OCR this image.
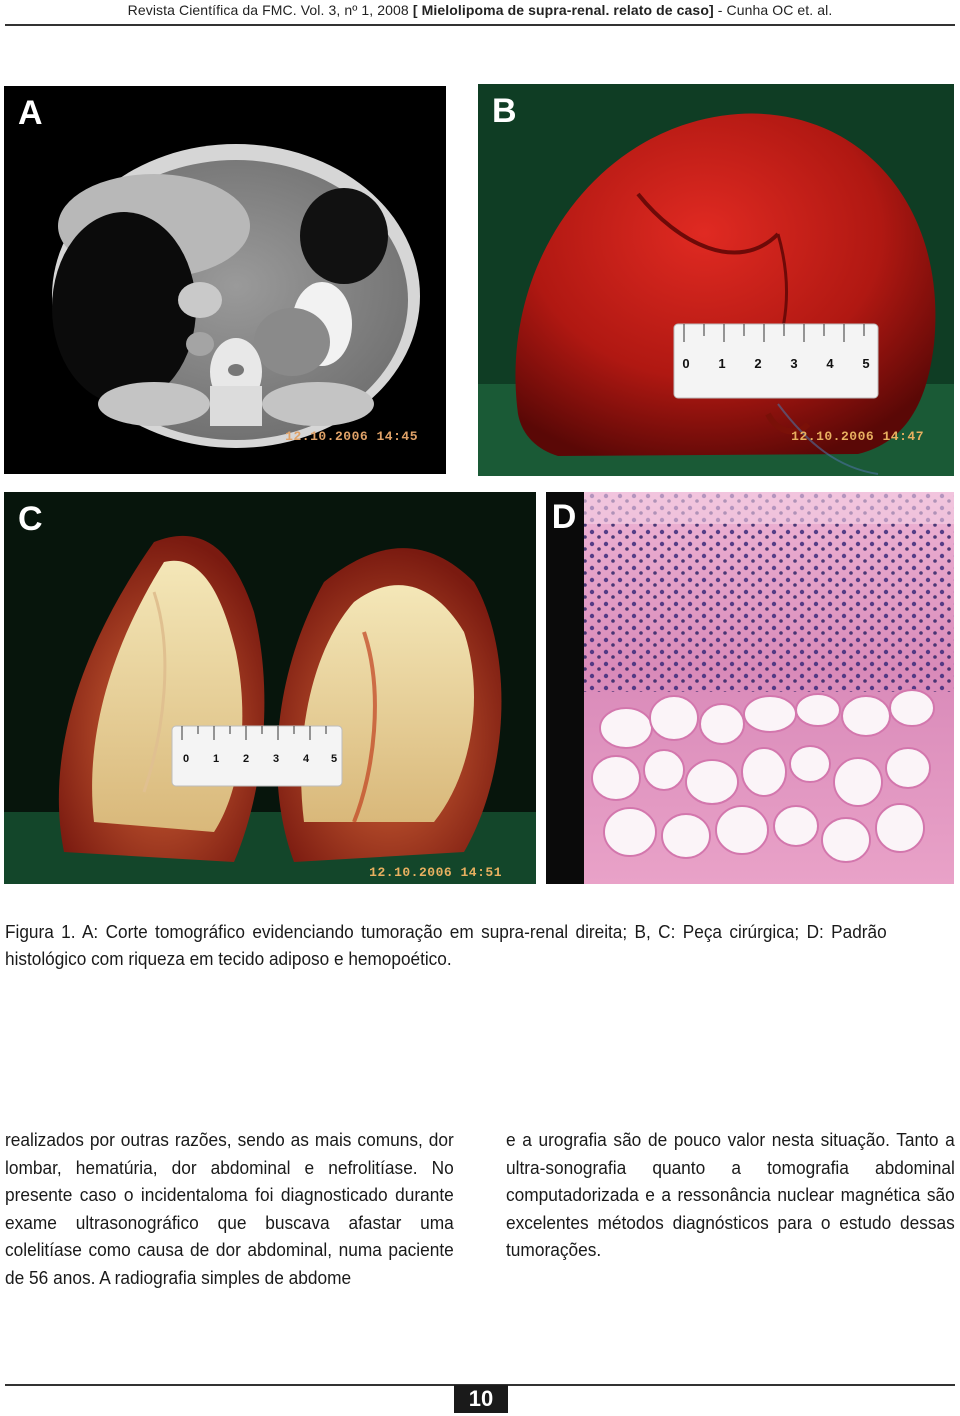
Revista Científica da FMC. Vol. 3, nº 1, 2008 [ Mielolipoma de supra-renal. relato de caso] - Cunha OC et. al.
A
12.10.2006 14:45
0 1 2 3 4 5
B
12.10.2006 14:47
0 1 2 3 4 5
C
12.10.2006 14:51
D

Figura 1. A: Corte tomográfico evidenciando tumoração em supra-renal direita; B, C: Peça cirúrgica; D: Padrão histológico com riqueza em tecido adiposo e hemopoético.

realizados por outras razões, sendo as mais comuns, dor lombar, hematúria, dor abdominal e nefrolitíase. No presente caso o incidentaloma foi diagnosticado durante exame ultrasonográfico que buscava afastar uma colelitíase como causa de dor abdominal, numa paciente de 56 anos. A radiografia simples de abdome

e a urografia são de pouco valor nesta situação. Tanto a ultra-sonografia quanto a tomografia abdominal computadorizada e a ressonância nuclear magnética são excelentes métodos diagnósticos para o estudo dessas tumorações.

10
